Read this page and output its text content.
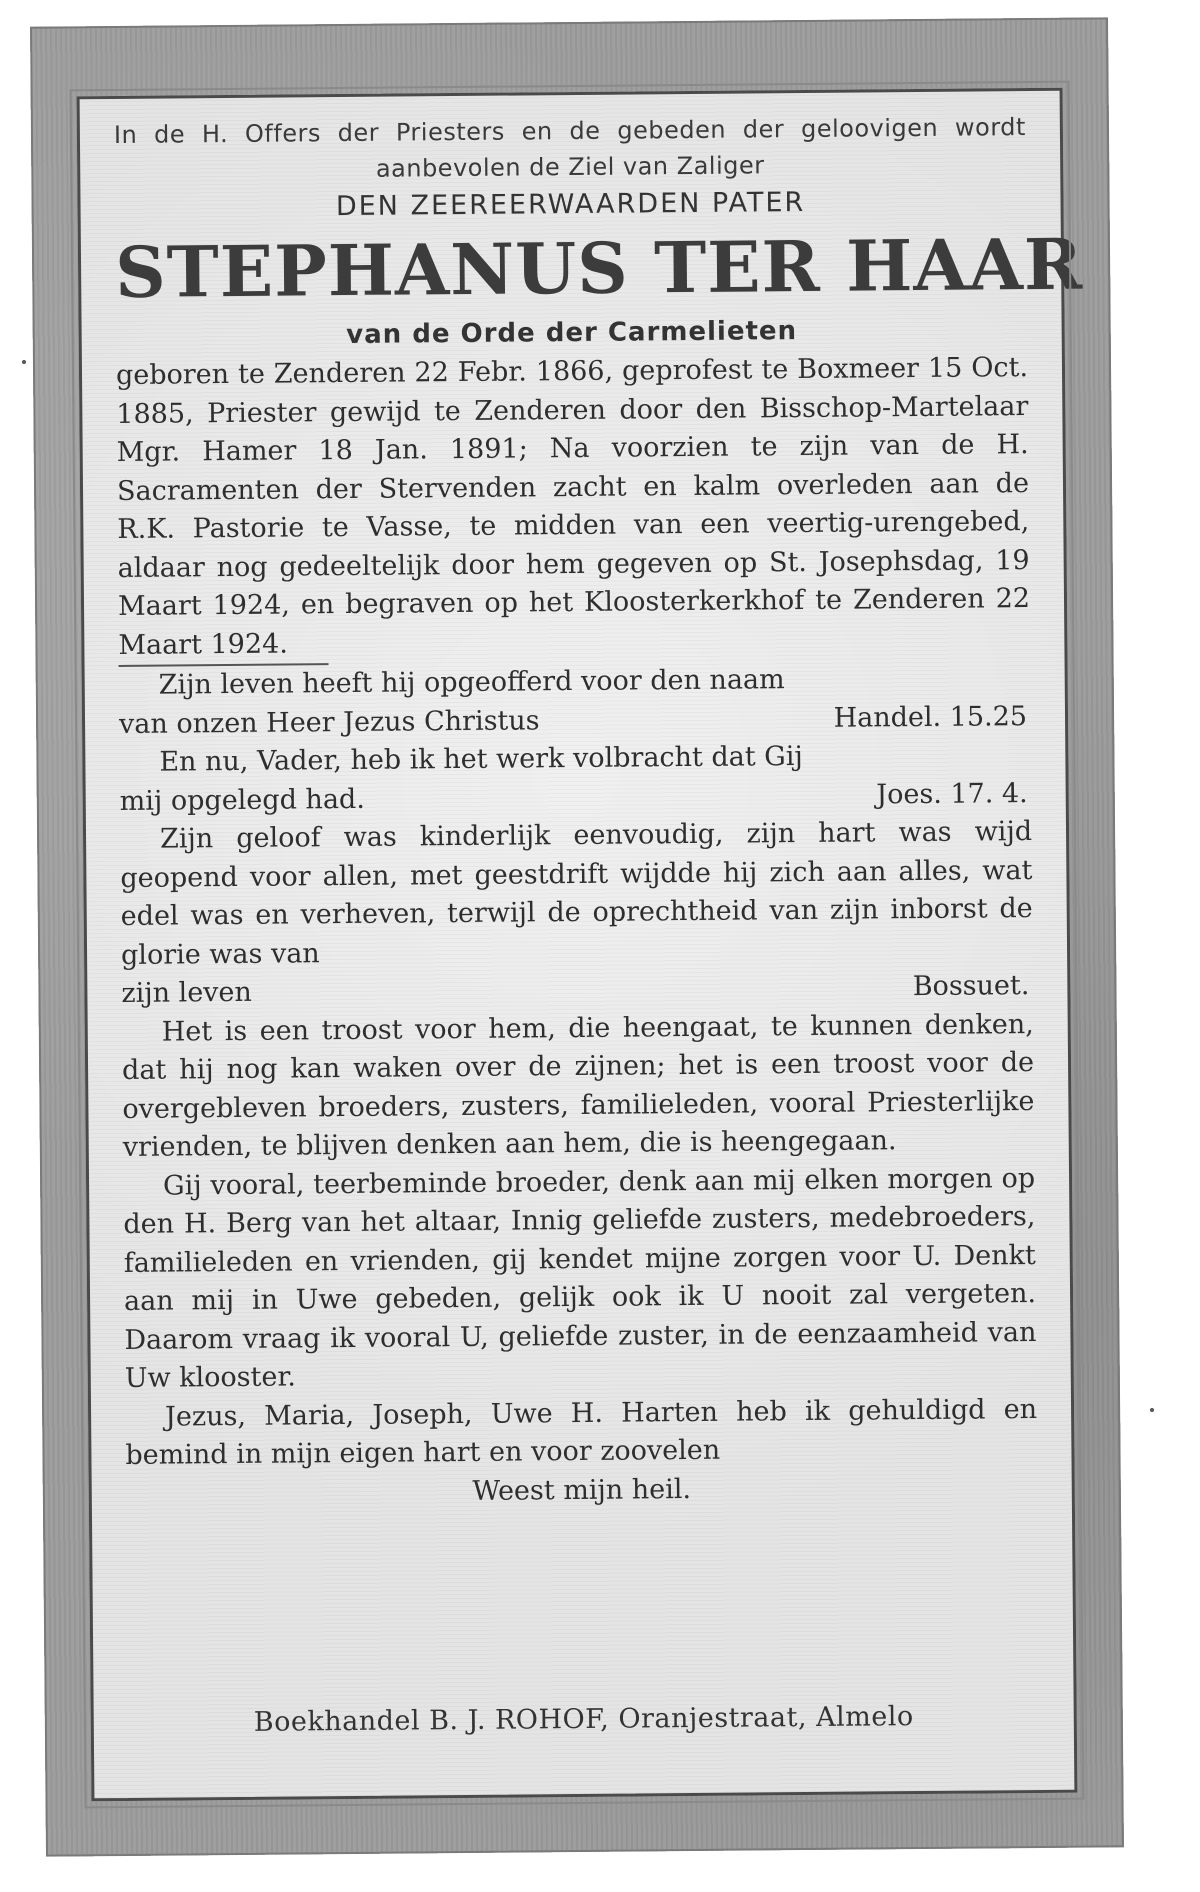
In de H. Offers der Priesters en de gebeden der geloovigen wordt aanbevolen de Ziel van Zaliger

DEN ZEEREERWAARDEN PATER

STEPHANUS TER HAAR

van de Orde der Carmelieten

geboren te Zenderen 22 Febr. 1866, geprofest te Boxmeer 15 Oct. 1885, Priester gewijd te Zenderen door den Bisschop-Martelaar Mgr. Hamer 18 Jan. 1891; Na voorzien te zijn van de H. Sacramenten der Stervenden zacht en kalm overleden aan de R.K. Pastorie te Vasse, te midden van een veertig-urengebed, aldaar nog gedeeltelijk door hem gegeven op St. Josephsdag, 19 Maart 1924, en begraven op het Kloosterkerkhof te Zenderen 22 Maart 1924.

Zijn leven heeft hij opgeofferd voor den naam

van onzen Heer Jezus Christus	Handel. 15.25

En nu, Vader, heb ik het werk volbracht dat Gij

mij opgelegd had.	Joes. 17. 4.

Zijn geloof was kinderlijk eenvoudig, zijn hart was wijd geopend voor allen, met geestdrift wijdde hij zich aan alles, wat edel was en verheven, terwijl de oprechtheid van zijn inborst de glorie was van

zijn leven	Bossuet.

Het is een troost voor hem, die heengaat, te kunnen denken, dat hij nog kan waken over de zijnen; het is een troost voor de overgebleven broeders, zusters, familieleden, vooral Priesterlijke vrienden, te blijven denken aan hem, die is heengegaan.

Gij vooral, teerbeminde broeder, denk aan mij elken morgen op den H. Berg van het altaar, Innig geliefde zusters, medebroeders, familieleden en vrienden, gij kendet mijne zorgen voor U. Denkt aan mij in Uwe gebeden, gelijk ook ik U nooit zal vergeten. Daarom vraag ik vooral U, geliefde zuster, in de eenzaamheid van Uw klooster.

Jezus, Maria, Joseph, Uwe H. Harten heb ik gehuldigd en bemind in mijn eigen hart en voor zoovelen

Weest mijn heil.

Boekhandel B. J. ROHOF, Oranjestraat, Almelo
